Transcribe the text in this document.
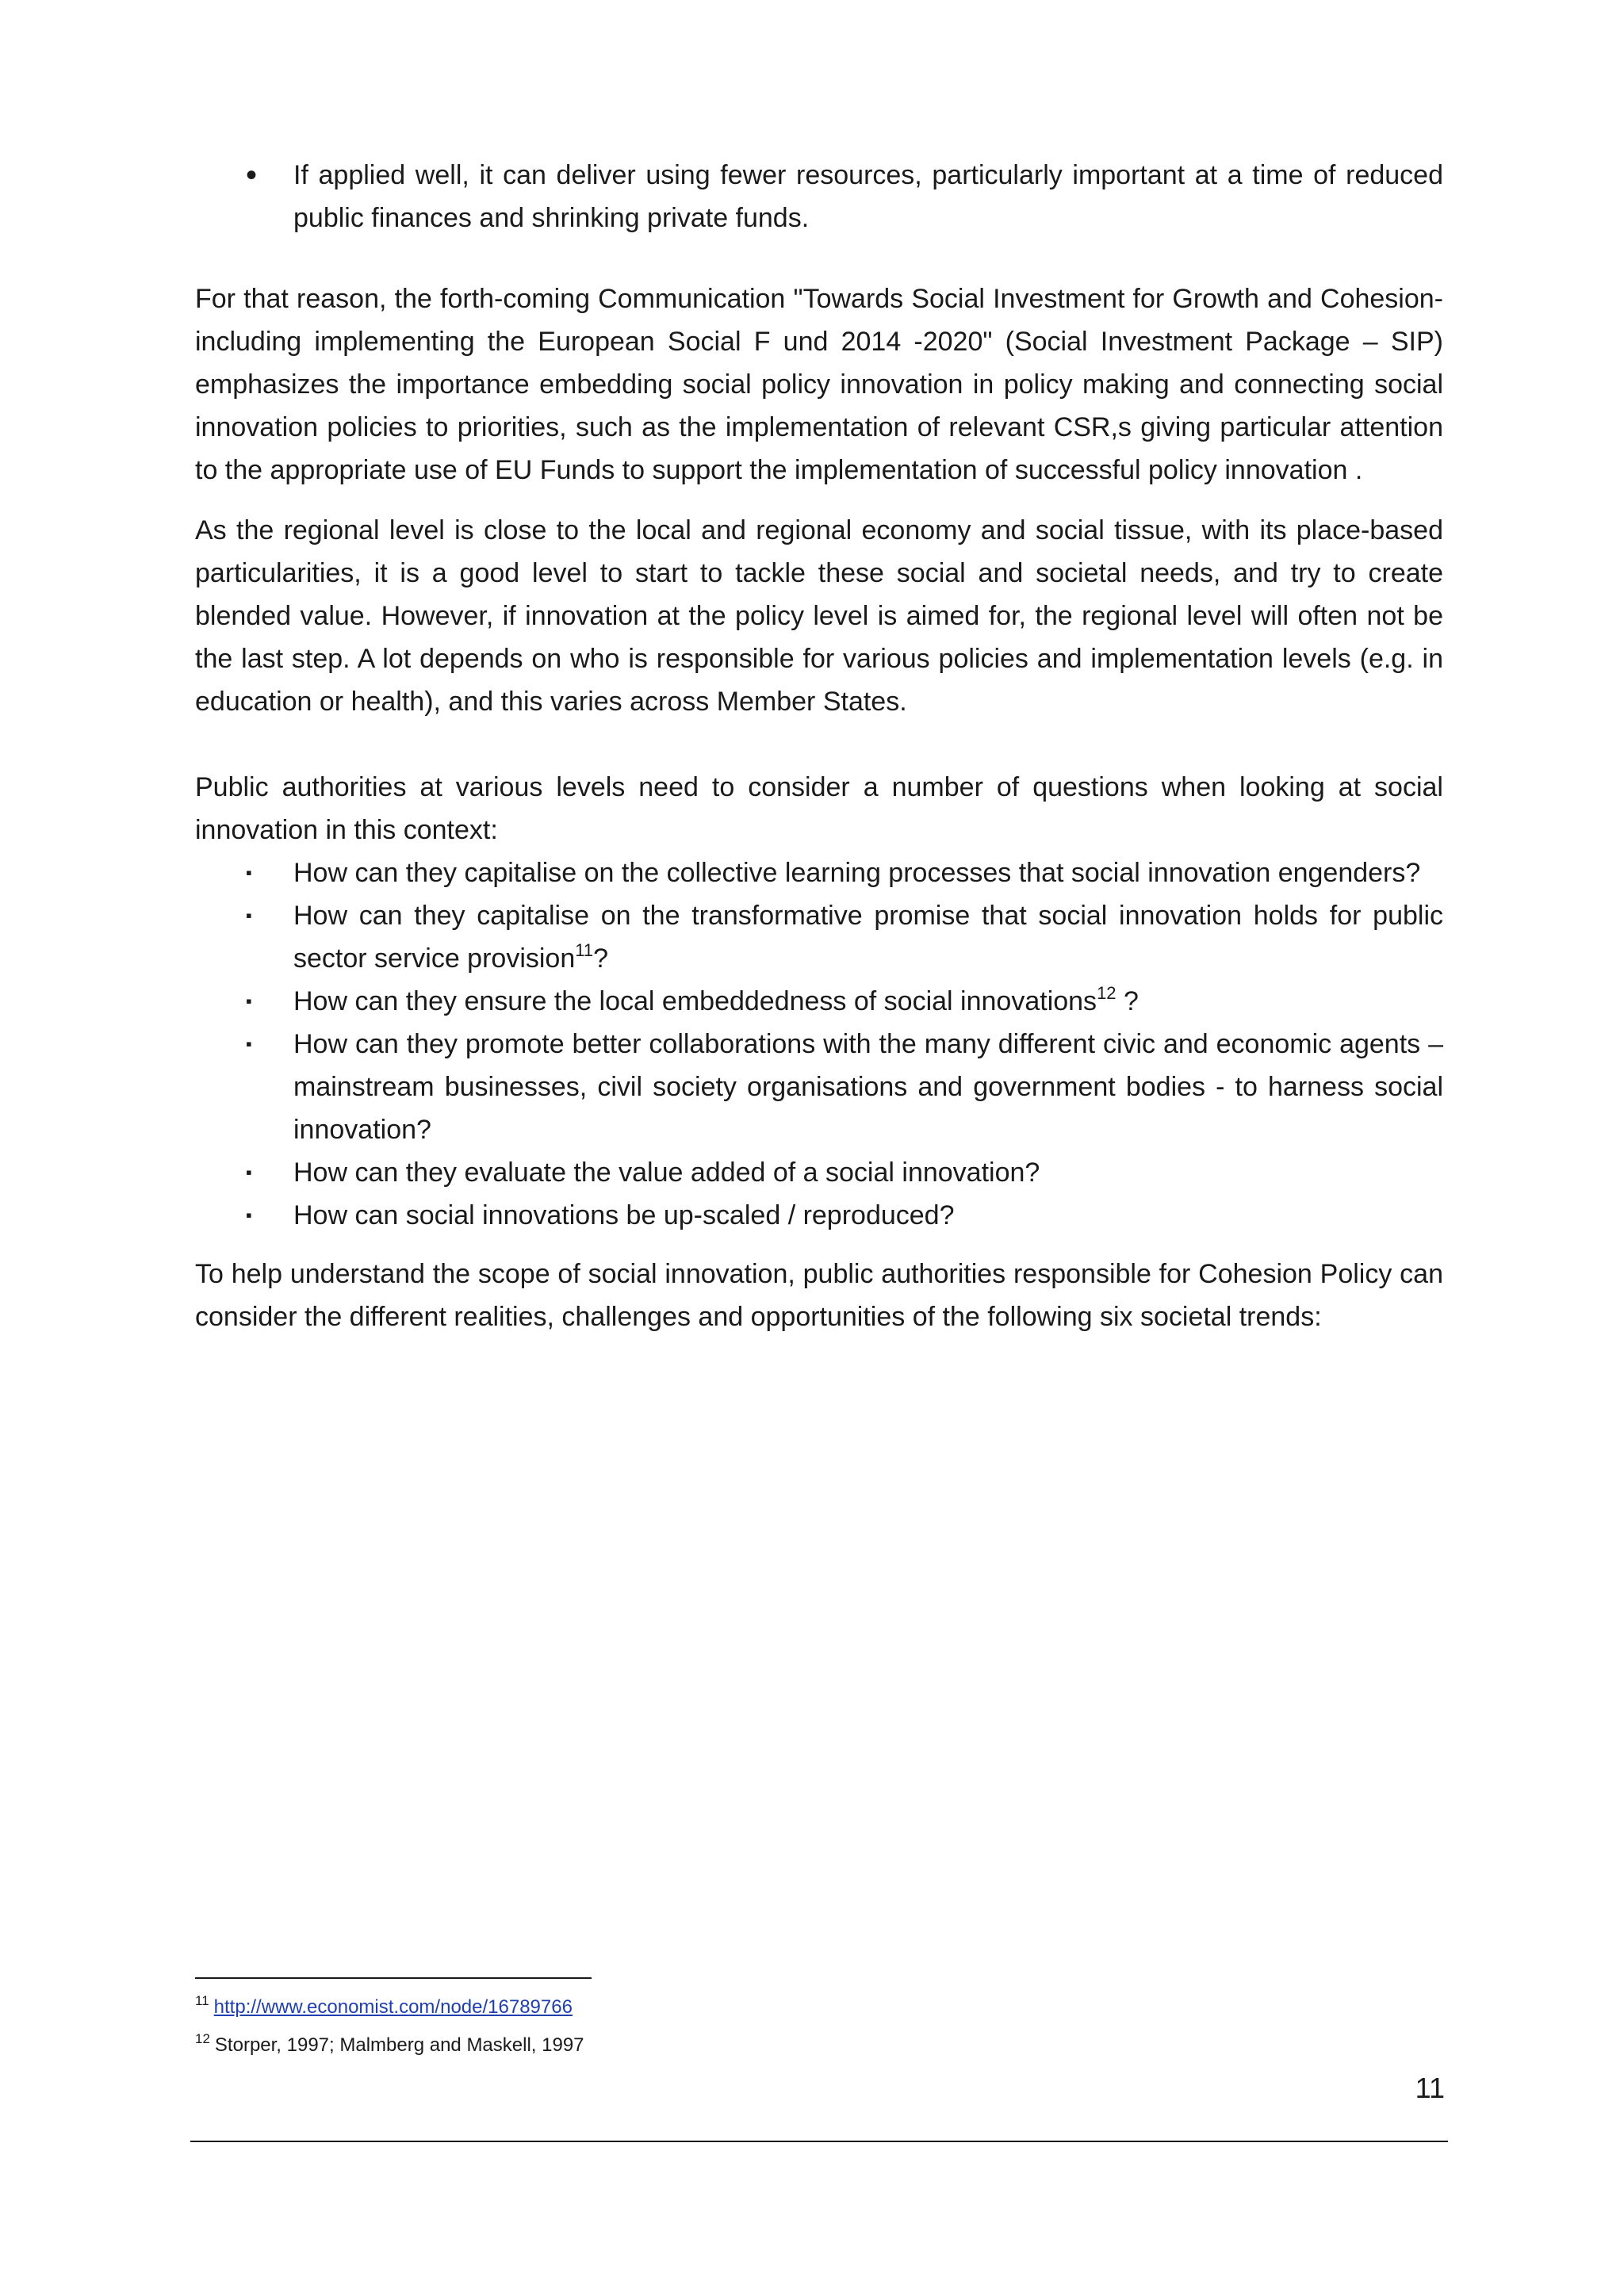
•	If applied well, it can deliver using fewer resources, particularly important at a time of reduced public finances and shrinking private funds.

For that reason, the forth-coming Communication "Towards Social Investment for Growth and Cohesion- including implementing the European Social F und 2014 -2020" (Social Investment Package – SIP) emphasizes the importance embedding social policy innovation in policy making and connecting social innovation policies to priorities, such as the implementation of relevant CSR,s giving particular attention to the appropriate use of EU Funds to support the implementation of successful policy innovation .

As the regional level is close to the local and regional economy and social tissue, with its place-based particularities, it is a good level to start to tackle these social and societal needs, and try to create blended value. However, if innovation at the policy level is aimed for, the regional level will often not be the last step. A lot depends on who is responsible for various policies and implementation levels (e.g. in education or health), and this varies across Member States.

Public authorities at various levels need to consider a number of questions when looking at social innovation in this context:

▪	How can they capitalise on the collective learning processes that social innovation engenders?
▪	How can they capitalise on the transformative promise that social innovation holds for public sector service provision$^{11}$?
▪	How can they ensure the local embeddedness of social innovations$^{12}$ ?
▪	How can they promote better collaborations with the many different civic and economic agents – mainstream businesses, civil society organisations and government bodies - to harness social innovation?
▪	How can they evaluate the value added of a social innovation?
▪	How can social innovations be up-scaled / reproduced?

To help understand the scope of social innovation, public authorities responsible for Cohesion Policy can consider the different realities, challenges and opportunities of the following six societal trends:

$^{11}$ http://www.economist.com/node/16789766
$^{12}$ Storper, 1997; Malmberg and Maskell, 1997
11
